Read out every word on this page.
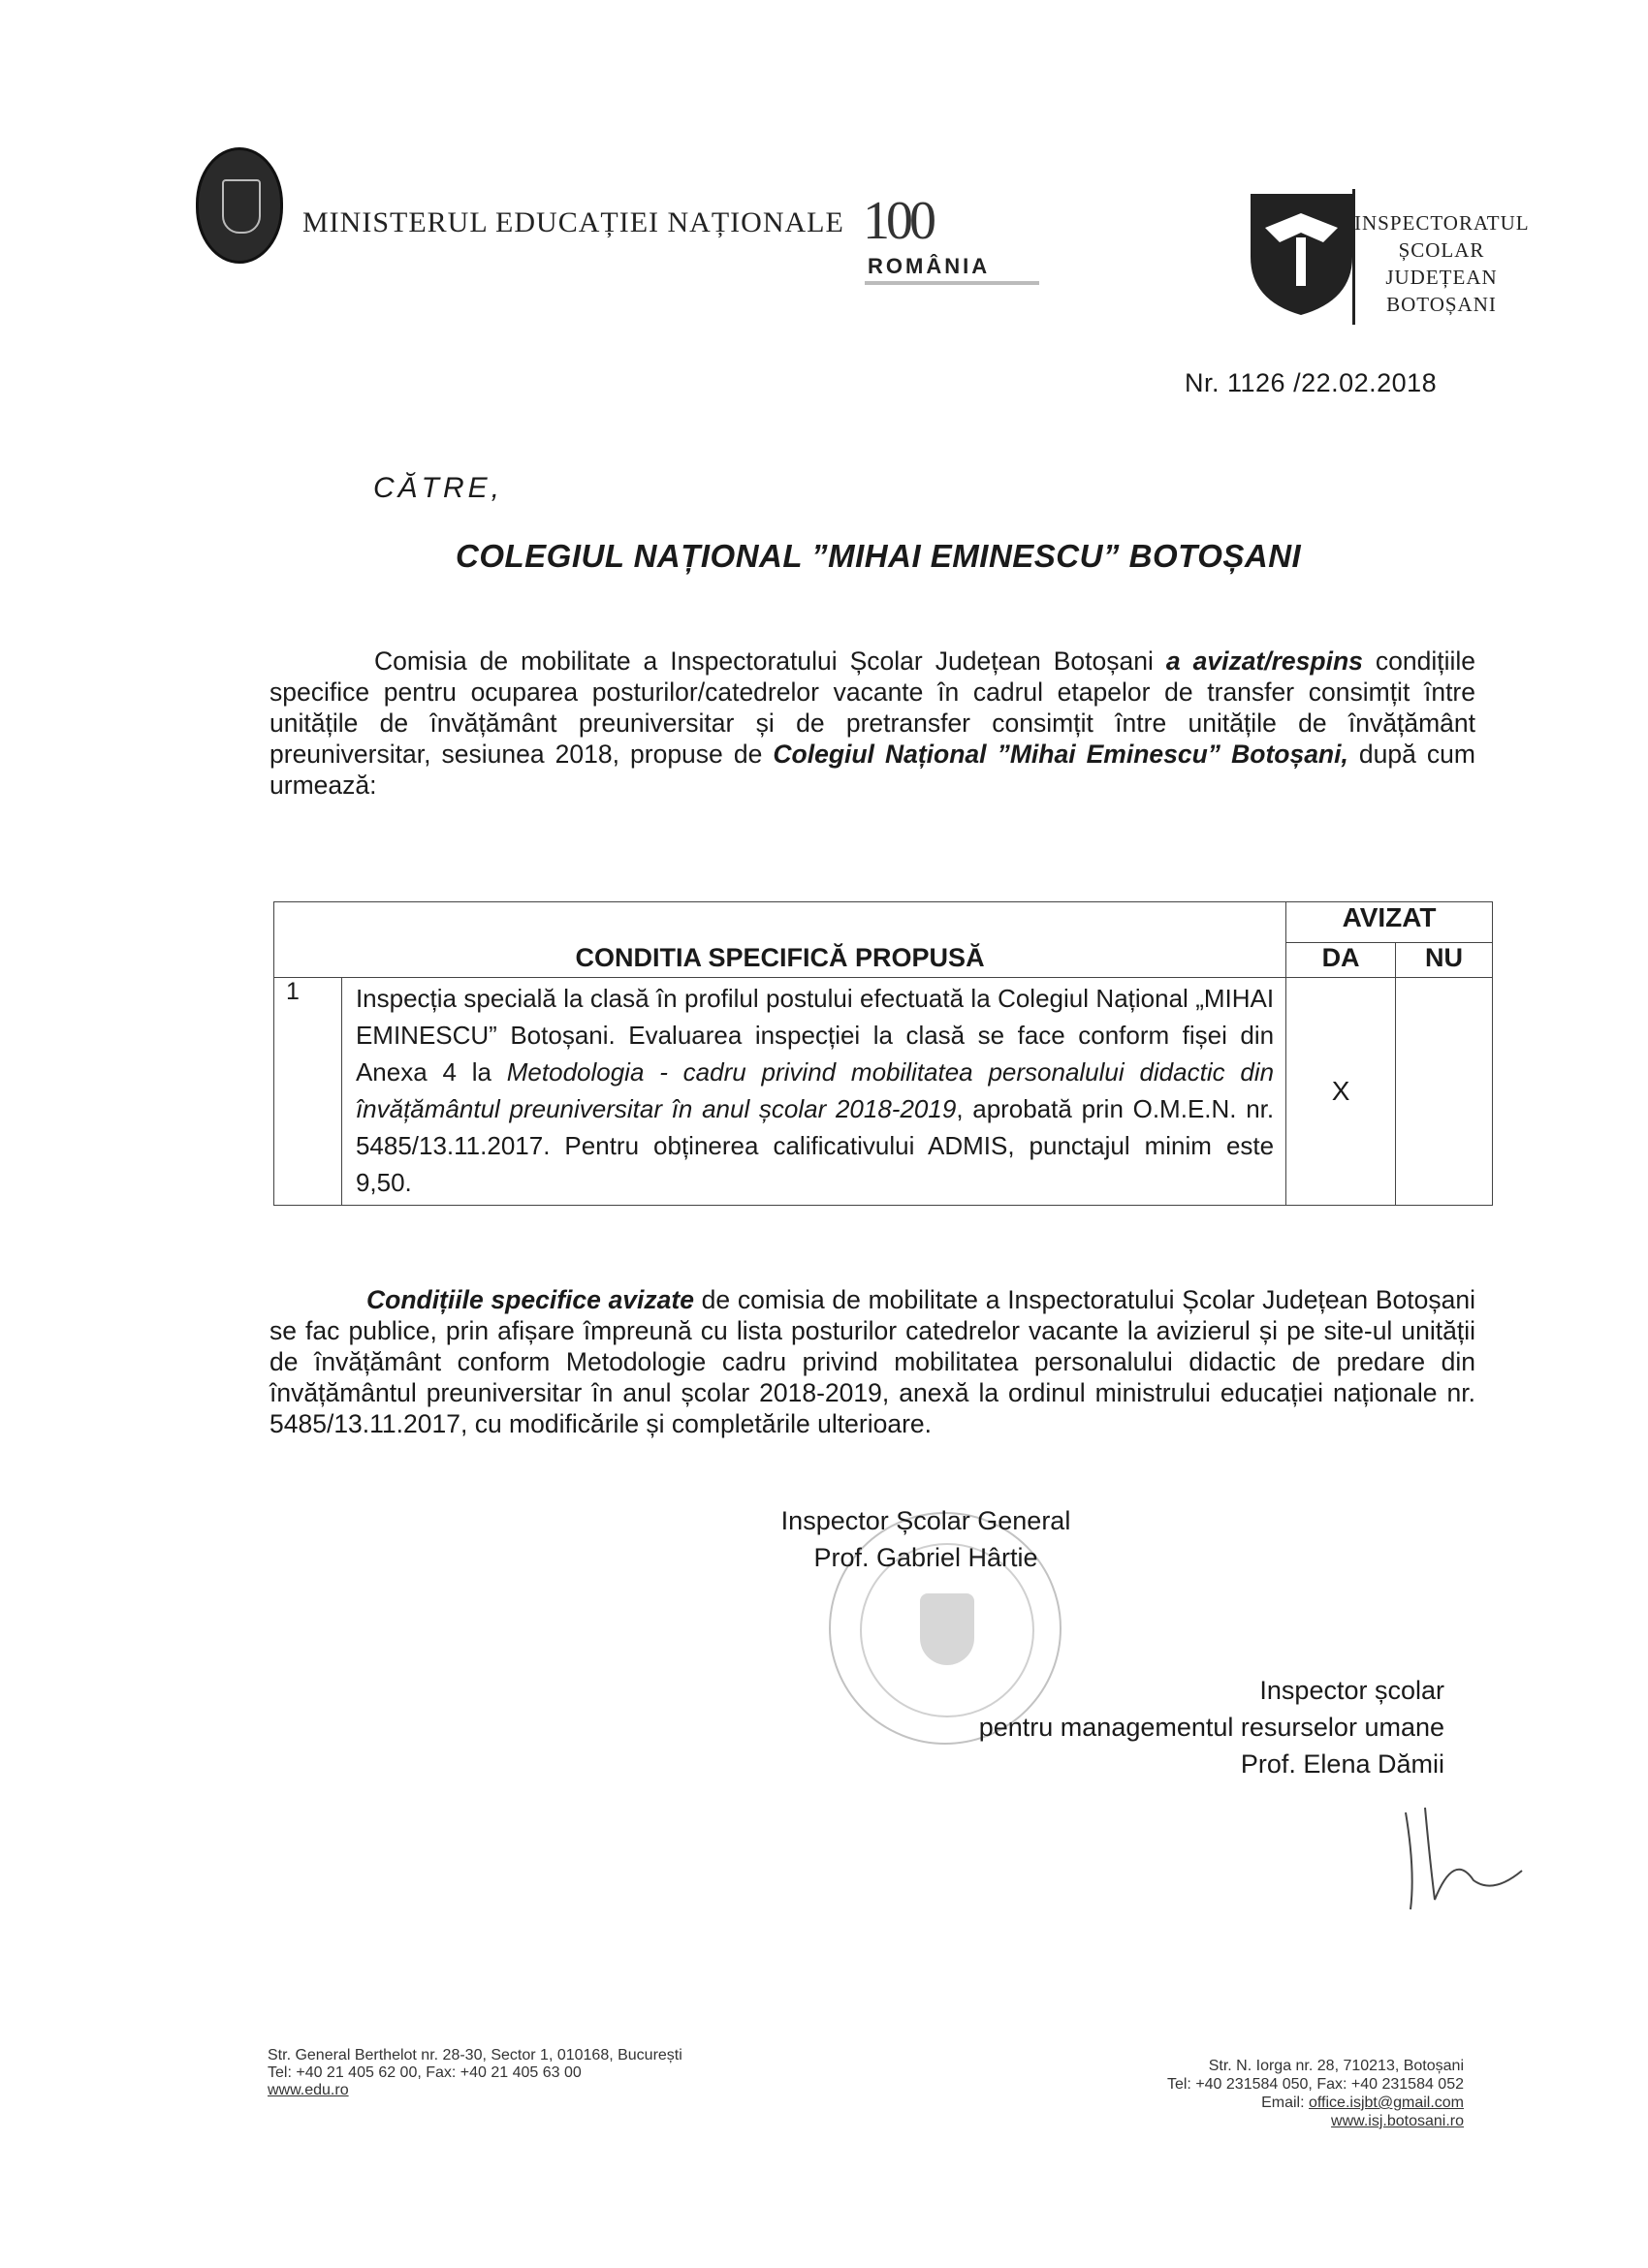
MINISTERUL EDUCAȚIEI NAȚIONALE 100
ROMÂNIA
INSPECTORATUL
ȘCOLAR
JUDEȚEAN
BOTOȘANI
Nr. 1126 /22.02.2018
CĂTRE,
COLEGIUL NAȚIONAL ”MIHAI EMINESCU” BOTOȘANI
Comisia de mobilitate a Inspectoratului Școlar Județean Botoșani a avizat/respins condițiile specifice pentru ocuparea posturilor/catedrelor vacante în cadrul etapelor de transfer consimțit între unitățile de învățământ preuniversitar și de pretransfer consimțit între unitățile de învățământ preuniversitar, sesiunea 2018, propuse de Colegiul Național ”Mihai Eminescu” Botoșani, după cum urmează:
CONDITIA SPECIFICĂ PROPUSĂ		AVIZAT	
		DA	NU
1	Inspecția specială la clasă în profilul postului efectuată la Colegiul Național „MIHAI EMINESCU” Botoșani. Evaluarea inspecției la clasă se face conform fișei din Anexa 4 la Metodologia - cadru privind mobilitatea personalului didactic din învățământul preuniversitar în anul școlar 2018-2019, aprobată prin O.M.E.N. nr. 5485/13.11.2017. Pentru obținerea calificativului ADMIS, punctajul minim este 9,50.	X	
Condițiile specifice avizate de comisia de mobilitate a Inspectoratului Școlar Județean Botoșani se fac publice, prin afișare împreună cu lista posturilor catedrelor vacante la avizierul și pe site-ul unității de învățământ conform Metodologie cadru privind mobilitatea personalului didactic de predare din învățământul preuniversitar în anul școlar 2018-2019, anexă la ordinul ministrului educației naționale nr. 5485/13.11.2017, cu modificările și completările ulterioare.
Inspector Școlar General
Prof. Gabriel Hârtie
Inspector școlar
pentru managementul resurselor umane
Prof. Elena Dămii
Str. General Berthelot nr. 28-30, Sector 1, 010168, București
Tel: +40 21 405 62 00, Fax: +40 21 405 63 00
www.edu.ro
Str. N. Iorga nr. 28, 710213, Botoșani
Tel: +40 231584 050, Fax: +40 231584 052
Email: office.isjbt@gmail.com
www.isj.botosani.ro
